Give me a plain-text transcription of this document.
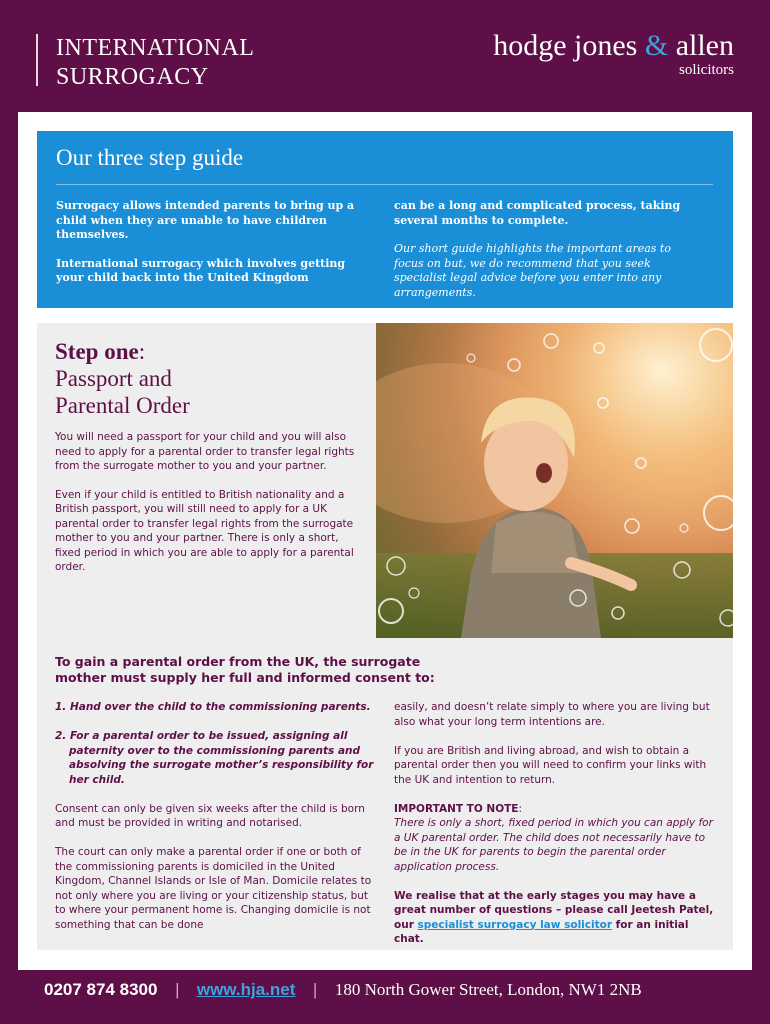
INTERNATIONAL
SURROGACY
hodge jones & allen
solicitors
Our three step guide

Surrogacy allows intended parents to bring up a child when they are unable to have children themselves.

International surrogacy which involves getting your child back into the United Kingdom

can be a long and complicated process, taking several months to complete.

Our short guide highlights the important areas to focus on but, we do recommend that you seek specialist legal advice before you enter into any arrangements.

Step one:
Passport and
Parental Order

You will need a passport for your child and you will also need to apply for a parental order to transfer legal rights from the surrogate mother to you and your partner.

Even if your child is entitled to British nationality and a British passport, you will still need to apply for a UK parental order to transfer legal rights from the surrogate mother to you and your partner. There is only a short, fixed period in which you are able to apply for a parental order.

To gain a parental order from the UK, the surrogate mother must supply her full and informed consent to:

1. Hand over the child to the commissioning parents.

2. For a parental order to be issued, assigning all paternity over to the commissioning parents and absolving the surrogate mother’s responsibility for her child.

Consent can only be given six weeks after the child is born and must be provided in writing and notarised.

The court can only make a parental order if one or both of the commissioning parents is domiciled in the United Kingdom, Channel Islands or Isle of Man. Domicile relates to not only where you are living or your citizenship status, but to where your permanent home is. Changing domicile is not something that can be done

easily, and doesn’t relate simply to where you are living but also what your long term intentions are.

If you are British and living abroad, and wish to obtain a parental order then you will need to confirm your links with the UK and intention to return.

IMPORTANT TO NOTE:
There is only a short, fixed period in which you can apply for a UK parental order. The child does not necessarily have to be in the UK for parents to begin the parental order application process.

We realise that at the early stages you may have a great number of questions – please call Jeetesh Patel, our specialist surrogacy law solicitor for an initial chat.

0207 874 8300 | www.hja.net | 180 North Gower Street, London, NW1 2NB
